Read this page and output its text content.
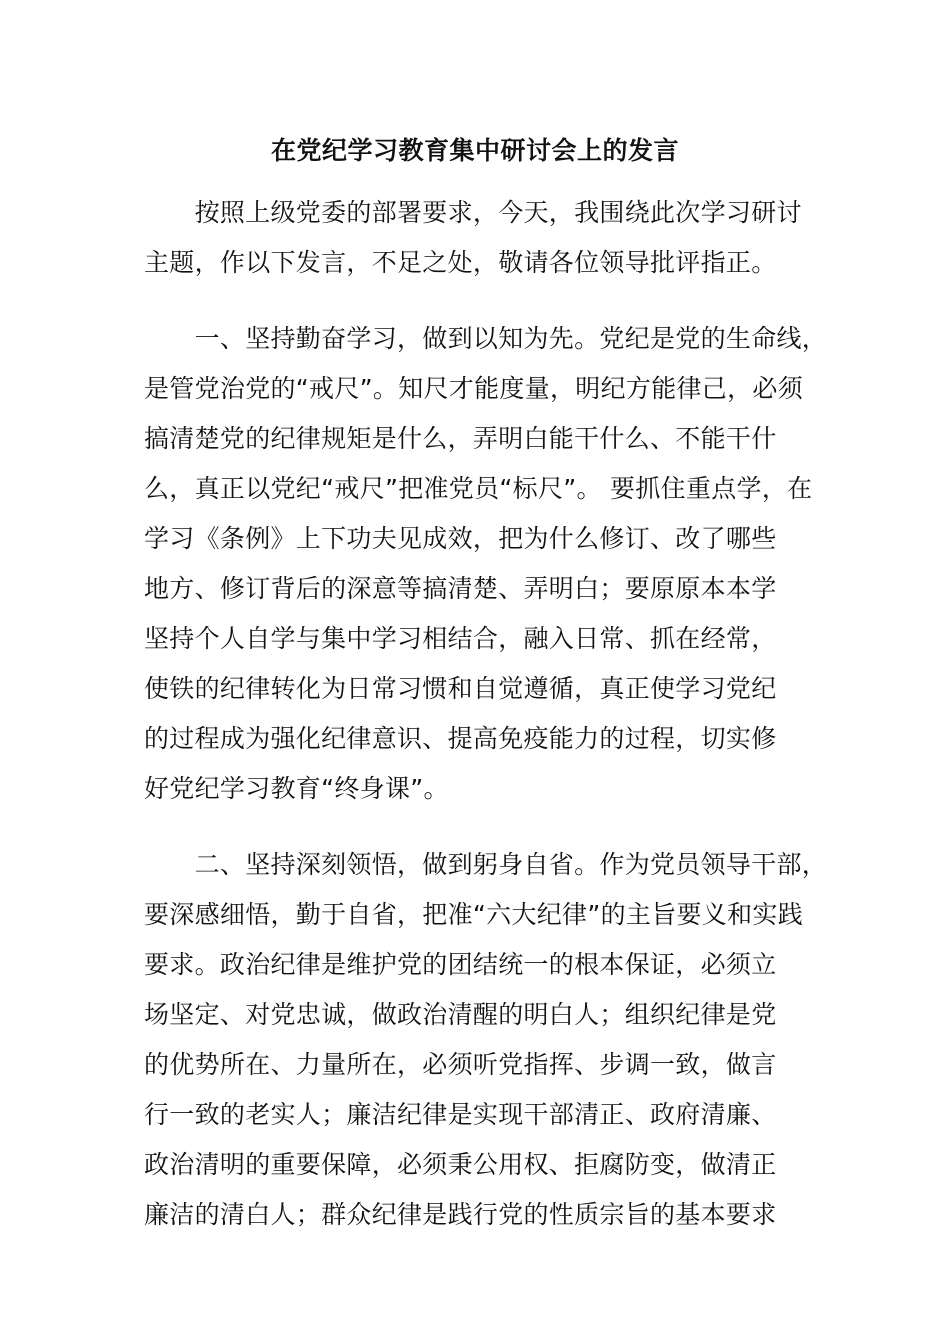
在党纪学习教育集中研讨会上的发言

　　按照上级党委的部署要求，今天，我围绕此次学习研讨
主题，作以下发言，不足之处，敬请各位领导批评指正。

　　一、坚持勤奋学习，做到以知为先。党纪是党的生命线，
是管党治党的“戒尺”。知尺才能度量，明纪方能律己，必须
搞清楚党的纪律规矩是什么，弄明白能干什么、不能干什
么，真正以党纪“戒尺”把准党员“标尺”。 要抓住重点学，在
学习《条例》上下功夫见成效，把为什么修订、改了哪些
地方、修订背后的深意等搞清楚、弄明白；要原原本本学
坚持个人自学与集中学习相结合，融入日常、抓在经常，
使铁的纪律转化为日常习惯和自觉遵循，真正使学习党纪
的过程成为强化纪律意识、提高免疫能力的过程，切实修
好党纪学习教育“终身课”。

　　二、坚持深刻领悟，做到躬身自省。作为党员领导干部，
要深感细悟，勤于自省，把准“六大纪律”的主旨要义和实践
要求。政治纪律是维护党的团结统一的根本保证，必须立
场坚定、对党忠诚，做政治清醒的明白人；组织纪律是党
的优势所在、力量所在，必须听党指挥、步调一致，做言
行一致的老实人；廉洁纪律是实现干部清正、政府清廉、
政治清明的重要保障，必须秉公用权、拒腐防变，做清正
廉洁的清白人；群众纪律是践行党的性质宗旨的基本要求
